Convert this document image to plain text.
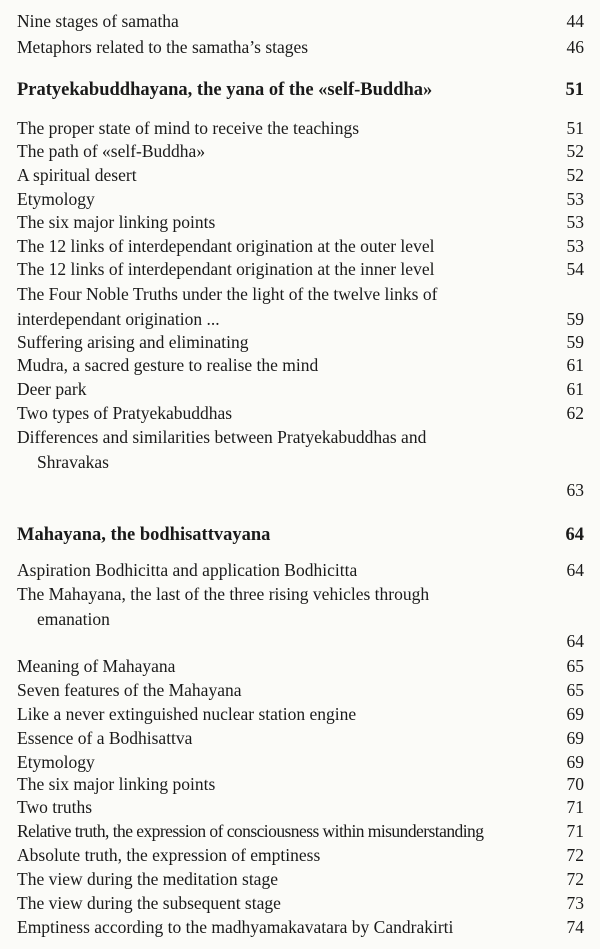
Nine stages of samatha	44
Metaphors related to the samatha’s stages	46
Pratyekabuddhayana, the yana of the «self-Buddha»	51
The proper state of mind to receive the teachings	51
The path of «self-Buddha»	52
A spiritual desert	52
Etymology	53
The six major linking points	53
The 12 links of interdependant origination at the outer level	53
The 12 links of interdependant origination at the inner level	54
The Four Noble Truths under the light of the twelve links of
interdependant origination ...	59
Suffering arising and eliminating	59
Mudra, a sacred gesture to realise the mind	61
Deer park	61
Two types of Pratyekabuddhas	62
Differences and similarities between Pratyekabuddhas and
Shravakas
63
Mahayana, the bodhisattvayana	64
Aspiration Bodhicitta and application Bodhicitta	64
The Mahayana, the last of the three rising vehicles through
emanation
64
Meaning of Mahayana	65
Seven features of the Mahayana	65
Like a never extinguished nuclear station engine	69
Essence of a Bodhisattva	69
Etymology	69
The six major linking points	70
Two truths	71
Relative truth, the expression of consciousness within misunderstanding	71
Absolute truth, the expression of emptiness	72
The view during the meditation stage	72
The view during the subsequent stage	73
Emptiness according to the madhyamakavatara by Candrakirti	74
